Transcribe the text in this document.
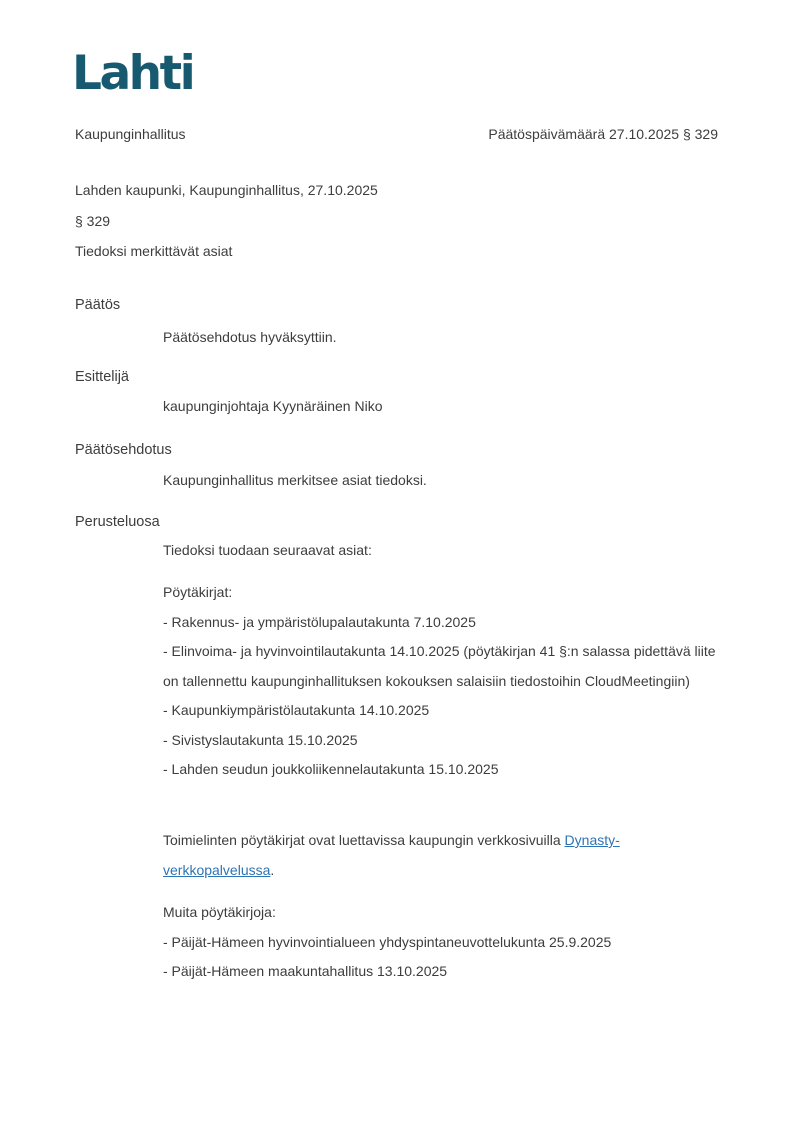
Lahti
Kaupunginhallitus	Päätöspäivämäärä 27.10.2025 § 329
Lahden kaupunki, Kaupunginhallitus, 27.10.2025
§ 329
Tiedoksi merkittävät asiat
Päätös
Päätösehdotus hyväksyttiin.
Esittelijä
kaupunginjohtaja Kyynäräinen Niko
Päätösehdotus
Kaupunginhallitus merkitsee asiat tiedoksi.
Perusteluosa
Tiedoksi tuodaan seuraavat asiat:
Pöytäkirjat:
- Rakennus- ja ympäristölupalautakunta 7.10.2025
- Elinvoima- ja hyvinvointilautakunta 14.10.2025 (pöytäkirjan 41 §:n salassa pidettävä liite on tallennettu kaupunginhallituksen kokouksen salaisiin tiedostoihin CloudMeetingiin)
- Kaupunkiympäristölautakunta 14.10.2025
- Sivistyslautakunta 15.10.2025
- Lahden seudun joukkoliikennelautakunta 15.10.2025
Toimielinten pöytäkirjat ovat luettavissa kaupungin verkkosivuilla Dynasty-verkkopalvelussa.
Muita pöytäkirjoja:
- Päijät-Hämeen hyvinvointialueen yhdyspintaneuvottelukunta 25.9.2025
- Päijät-Hämeen maakuntahallitus 13.10.2025
